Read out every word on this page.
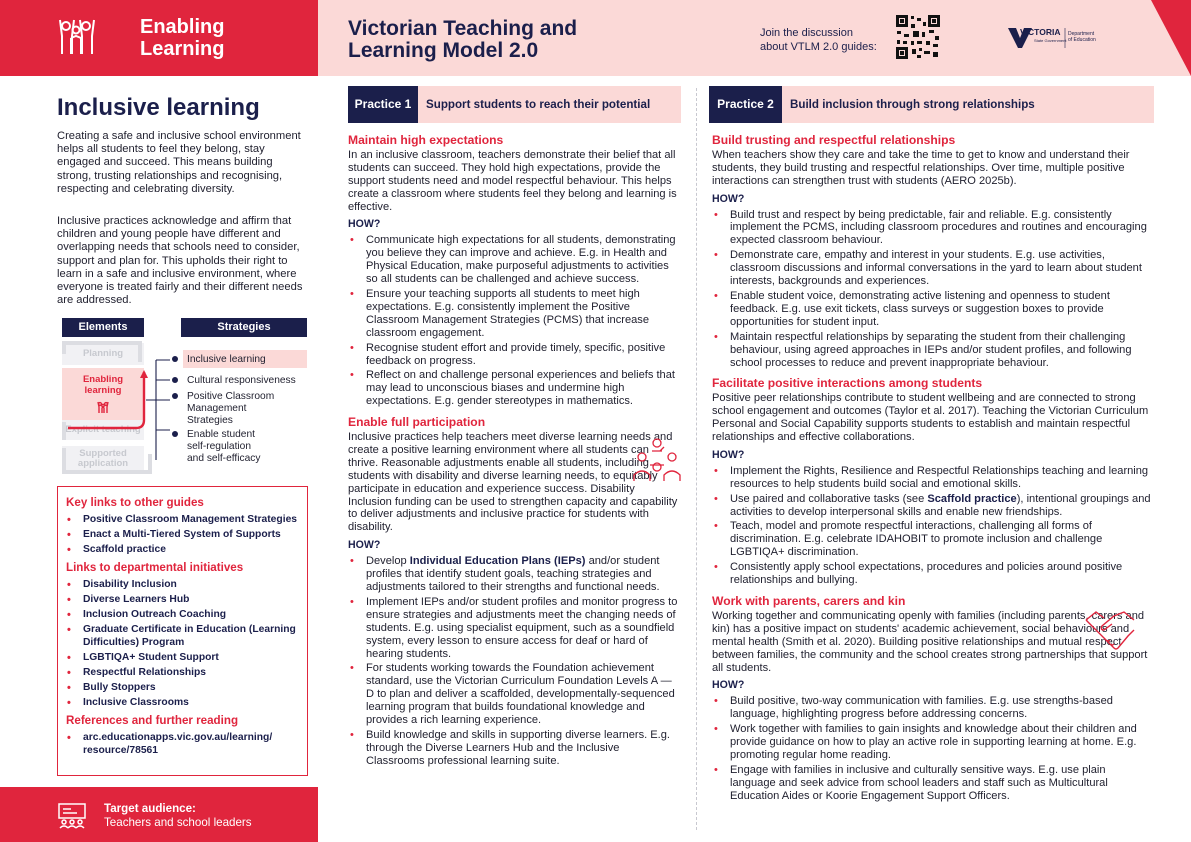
Enabling
Learning
Victorian Teaching and
Learning Model 2.0
Join the discussion
about VTLM 2.0 guides:
VICTORIA
State Government
Department
of Education
Inclusive learning
Creating a safe and inclusive school environment helps all students to feel they belong, stay engaged and succeed. This means building strong, trusting relationships and recognising, respecting and celebrating diversity.
Inclusive practices acknowledge and affirm that children and young people have different and overlapping needs that schools need to consider, support and plan for. This upholds their right to learn in a safe and inclusive environment, where everyone is treated fairly and their different needs are addressed.
Elements	Strategies
Planning
Enabling
learning
Explicit teaching
Supported
application
Inclusive learning
Cultural responsiveness
Positive Classroom
Management
Strategies
Enable student
self-regulation
and self-efficacy
Key links to other guides
• Positive Classroom Management Strategies
• Enact a Multi-Tiered System of Supports
• Scaffold practice
Links to departmental initiatives
• Disability Inclusion
• Diverse Learners Hub
• Inclusion Outreach Coaching
• Graduate Certificate in Education (Learning Difficulties) Program
• LGBTIQA+ Student Support
• Respectful Relationships
• Bully Stoppers
• Inclusive Classrooms
References and further reading
• arc.educationapps.vic.gov.au/learning/ resource/78561
Target audience:
Teachers and school leaders
Practice 1	Support students to reach their potential	Practice 2	Build inclusion through strong relationships
Maintain high expectations

In an inclusive classroom, teachers demonstrate their belief that all students can succeed. They hold high expectations, provide the support students need and model respectful behaviour. This helps create a classroom where students feel they belong and learning is effective.

HOW?
• Communicate high expectations for all students, demonstrating you believe they can improve and achieve. E.g. in Health and Physical Education, make purposeful adjustments to activities so all students can be challenged and achieve success.
• Ensure your teaching supports all students to meet high expectations. E.g. consistently implement the Positive Classroom Management Strategies (PCMS) that increase classroom engagement.
• Recognise student effort and provide timely, specific, positive feedback on progress.
• Reflect on and challenge personal experiences and beliefs that may lead to unconscious biases and undermine high expectations. E.g. gender stereotypes in mathematics.
Enable full participation

Inclusive practices help teachers meet diverse learning needs and create a positive learning environment where all students can thrive. Reasonable adjustments enable all students, including students with disability and diverse learning needs, to equitably participate in education and experience success. Disability Inclusion funding can be used to strengthen capacity and capability to deliver adjustments and inclusive practice for students with disability.

HOW?
• Develop Individual Education Plans (IEPs) and/or student profiles that identify student goals, teaching strategies and adjustments tailored to their strengths and functional needs.
• Implement IEPs and/or student profiles and monitor progress to ensure strategies and adjustments meet the changing needs of students. E.g. using specialist equipment, such as a soundfield system, every lesson to ensure access for deaf or hard of hearing students.
• For students working towards the Foundation achievement standard, use the Victorian Curriculum Foundation Levels A — D to plan and deliver a scaffolded, developmentally-sequenced learning program that builds foundational knowledge and provides a rich learning experience.
• Build knowledge and skills in supporting diverse learners. E.g. through the Diverse Learners Hub and the Inclusive Classrooms professional learning suite.
Build trusting and respectful relationships

When teachers show they care and take the time to get to know and understand their students, they build trusting and respectful relationships. Over time, multiple positive interactions can strengthen trust with students (AERO 2025b).

HOW?
• Build trust and respect by being predictable, fair and reliable. E.g. consistently implement the PCMS, including classroom procedures and routines and encouraging expected classroom behaviour.
• Demonstrate care, empathy and interest in your students. E.g. use activities, classroom discussions and informal conversations in the yard to learn about student interests, backgrounds and experiences.
• Enable student voice, demonstrating active listening and openness to student feedback. E.g. use exit tickets, class surveys or suggestion boxes to provide opportunities for student input.
• Maintain respectful relationships by separating the student from their challenging behaviour, using agreed approaches in IEPs and/or student profiles, and following school processes to reduce and prevent inappropriate behaviour.
Facilitate positive interactions among students

Positive peer relationships contribute to student wellbeing and are connected to strong school engagement and outcomes (Taylor et al. 2017). Teaching the Victorian Curriculum Personal and Social Capability supports students to establish and maintain respectful relationships and effective collaborations.

HOW?
• Implement the Rights, Resilience and Respectful Relationships teaching and learning resources to help students build social and emotional skills.
• Use paired and collaborative tasks (see Scaffold practice), intentional groupings and activities to develop interpersonal skills and enable new friendships.
• Teach, model and promote respectful interactions, challenging all forms of discrimination. E.g. celebrate IDAHOBIT to promote inclusion and challenge LGBTIQA+ discrimination.
• Consistently apply school expectations, procedures and policies around positive relationships and bullying.
Work with parents, carers and kin

Working together and communicating openly with families (including parents, carers and kin) has a positive impact on students' academic achievement, social behaviours and mental health (Smith et al. 2020). Building positive relationships and mutual respect between families, the community and the school creates strong partnerships that support all students.

HOW?
• Build positive, two-way communication with families. E.g. use strengths-based language, highlighting progress before addressing concerns.
• Work together with families to gain insights and knowledge about their children and provide guidance on how to play an active role in supporting learning at home. E.g. promoting regular home reading.
• Engage with families in inclusive and culturally sensitive ways. E.g. use plain language and seek advice from school leaders and staff such as Multicultural Education Aides or Koorie Engagement Support Officers.
